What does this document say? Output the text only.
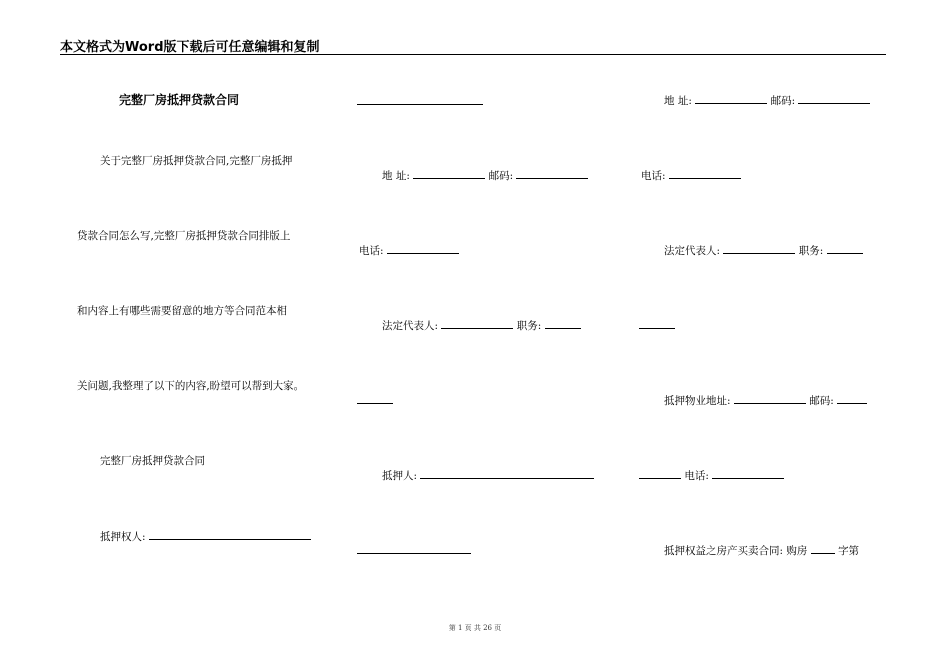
本文格式为Word版下载后可任意编辑和复制
完整厂房抵押贷款合同
关于完整厂房抵押贷款合同,完整厂房抵押
贷款合同怎么写,完整厂房抵押贷款合同排版上
和内容上有哪些需要留意的地方等合同范本相
关问题,我整理了以下的内容,盼望可以帮到大家。
完整厂房抵押贷款合同
抵押权人:
地 址:	邮码:
电话:
法定代表人:	职务:
抵押人:
地 址:	邮码:
电话:
法定代表人:	职务:
抵押物业地址:	邮码:
电话:
抵押权益之房产买卖合同: 购房	字第
第 1 页 共 26 页
